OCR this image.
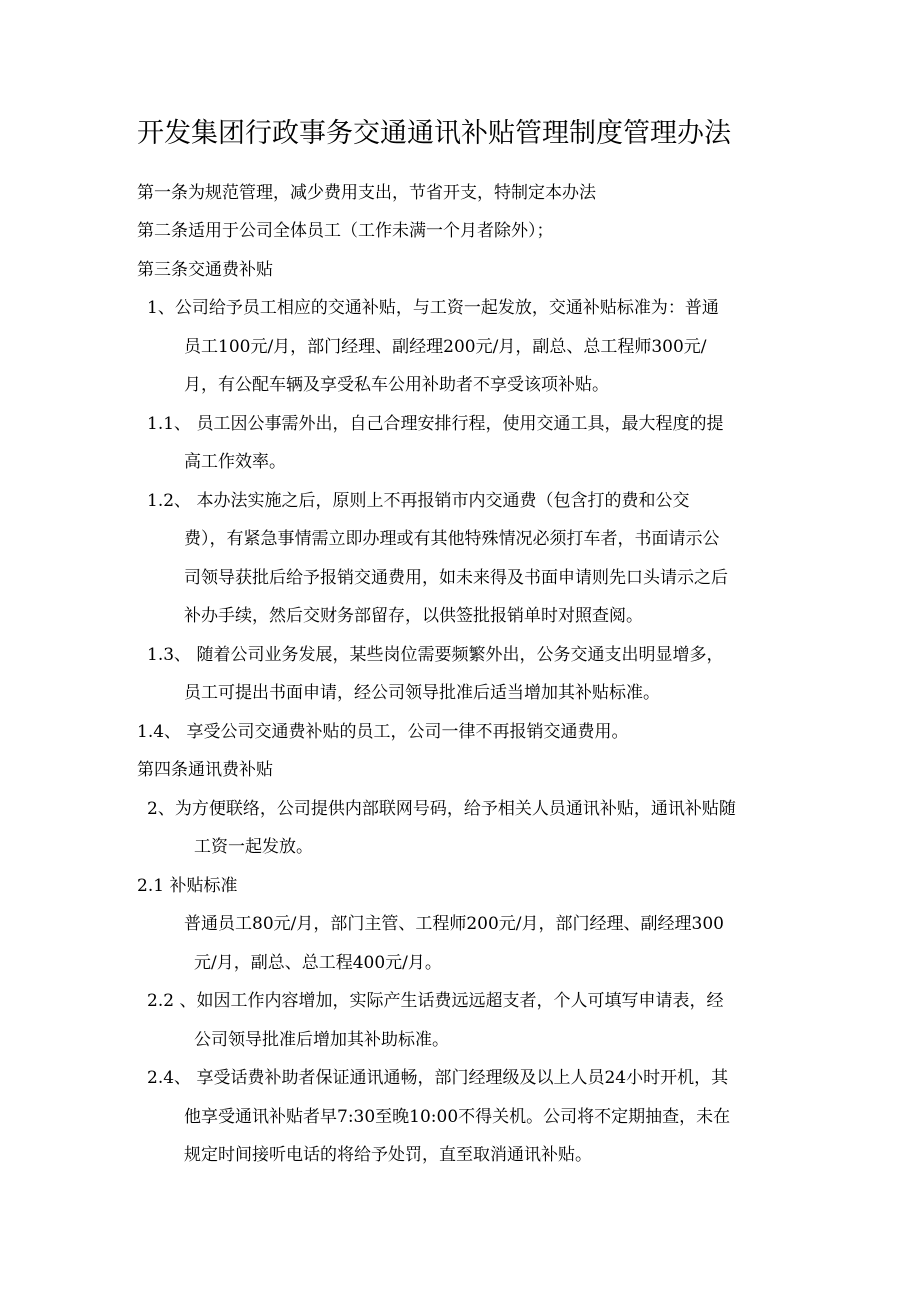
开发集团行政事务交通通讯补贴管理制度管理办法
第一条为规范管理，减少费用支出，节省开支，特制定本办法
第二条适用于公司全体员工（工作未满一个月者除外）；
第三条交通费补贴
1、公司给予员工相应的交通补贴，与工资一起发放，交通补贴标准为：普通
员工100元/月，部门经理、副经理200元/月，副总、总工程师300元/
月，有公配车辆及享受私车公用补助者不享受该项补贴。
1.1、 员工因公事需外出，自己合理安排行程，使用交通工具，最大程度的提
高工作效率。
1.2、 本办法实施之后，原则上不再报销市内交通费（包含打的费和公交
费），有紧急事情需立即办理或有其他特殊情况必须打车者，书面请示公
司领导获批后给予报销交通费用，如未来得及书面申请则先口头请示之后
补办手续，然后交财务部留存，以供签批报销单时对照查阅。
1.3、 随着公司业务发展，某些岗位需要频繁外出，公务交通支出明显增多，
员工可提出书面申请，经公司领导批准后适当增加其补贴标准。
1.4、 享受公司交通费补贴的员工，公司一律不再报销交通费用。
第四条通讯费补贴
2、为方便联络，公司提供内部联网号码，给予相关人员通讯补贴，通讯补贴随
工资一起发放。
2.1 补贴标准
普通员工80元/月，部门主管、工程师200元/月，部门经理、副经理300
元/月，副总、总工程400元/月。
2.2 、如因工作内容增加，实际产生话费远远超支者，个人可填写申请表，经
公司领导批准后增加其补助标准。
2.4、 享受话费补助者保证通讯通畅，部门经理级及以上人员24小时开机，其
他享受通讯补贴者早7:30至晚10:00不得关机。公司将不定期抽查，未在
规定时间接听电话的将给予处罚，直至取消通讯补贴。
